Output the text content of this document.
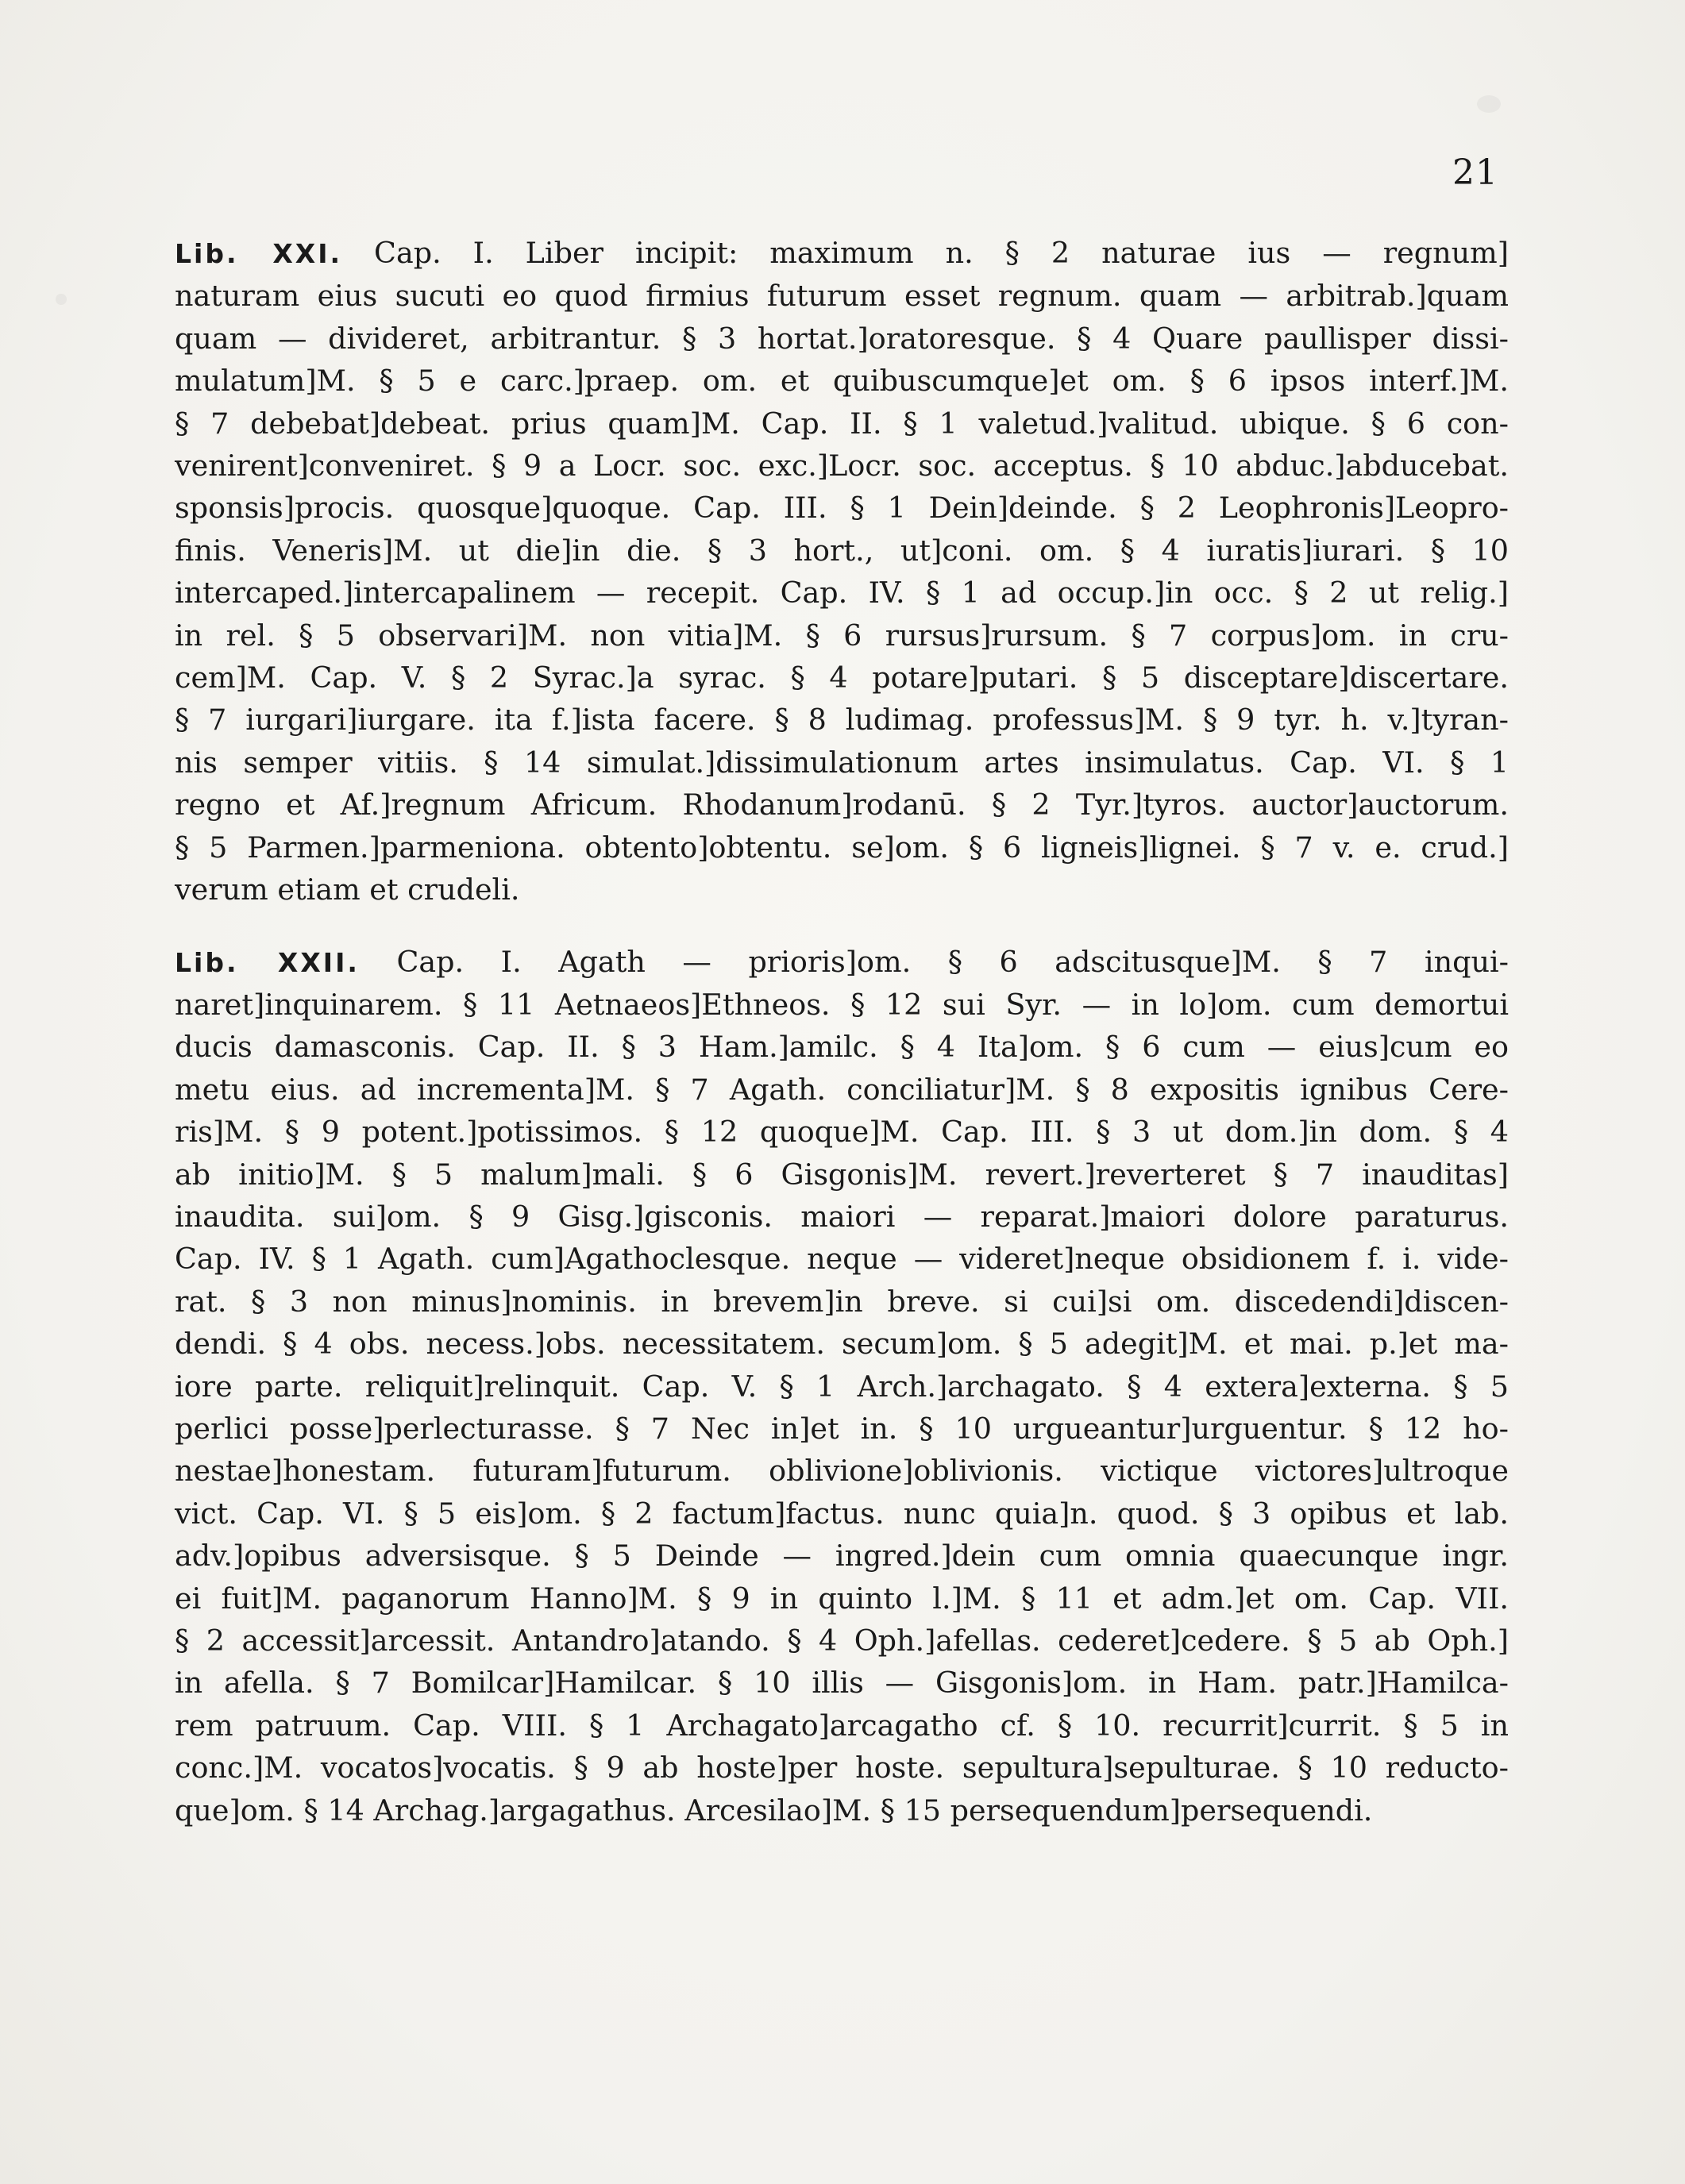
21

Lib. XXI. Cap. I. Liber incipit: maximum n. § 2 naturae ius — regnum]
naturam eius sucuti eo quod firmius futurum esset regnum. quam — arbitrab.]quam
quam — divideret, arbitrantur. § 3 hortat.]oratoresque. § 4 Quare paullisper dissi-
mulatum]M. § 5 e carc.]praep. om. et quibuscumque]et om. § 6 ipsos interf.]M.
§ 7 debebat]debeat. prius quam]M. Cap. II. § 1 valetud.]valitud. ubique. § 6 con-
venirent]conveniret. § 9 a Locr. soc. exc.]Locr. soc. acceptus. § 10 abduc.]abducebat.
sponsis]procis. quosque]quoque. Cap. III. § 1 Dein]deinde. § 2 Leophronis]Leopro-
finis. Veneris]M. ut die]in die. § 3 hort., ut]coni. om. § 4 iuratis]iurari. § 10
intercaped.]intercapalinem — recepit. Cap. IV. § 1 ad occup.]in occ. § 2 ut relig.]
in rel. § 5 observari]M. non vitia]M. § 6 rursus]rursum. § 7 corpus]om. in cru-
cem]M. Cap. V. § 2 Syrac.]a syrac. § 4 potare]putari. § 5 disceptare]discertare.
§ 7 iurgari]iurgare. ita f.]ista facere. § 8 ludimag. professus]M. § 9 tyr. h. v.]tyran-
nis semper vitiis. § 14 simulat.]dissimulationum artes insimulatus. Cap. VI. § 1
regno et Af.]regnum Africum. Rhodanum]rodanū. § 2 Tyr.]tyros. auctor]auctorum.
§ 5 Parmen.]parmeniona. obtento]obtentu. se]om. § 6 ligneis]lignei. § 7 v. e. crud.]
verum etiam et crudeli.

Lib. XXII. Cap. I. Agath — prioris]om. § 6 adscitusque]M. § 7 inqui-
naret]inquinarem. § 11 Aetnaeos]Ethneos. § 12 sui Syr. — in lo]om. cum demortui
ducis damasconis. Cap. II. § 3 Ham.]amilc. § 4 Ita]om. § 6 cum — eius]cum eo
metu eius. ad incrementa]M. § 7 Agath. conciliatur]M. § 8 expositis ignibus Cere-
ris]M. § 9 potent.]potissimos. § 12 quoque]M. Cap. III. § 3 ut dom.]in dom. § 4
ab initio]M. § 5 malum]mali. § 6 Gisgonis]M. revert.]reverteret § 7 inauditas]
inaudita. sui]om. § 9 Gisg.]gisconis. maiori — reparat.]maiori dolore paraturus.
Cap. IV. § 1 Agath. cum]Agathoclesque. neque — videret]neque obsidionem f. i. vide-
rat. § 3 non minus]nominis. in brevem]in breve. si cui]si om. discedendi]discen-
dendi. § 4 obs. necess.]obs. necessitatem. secum]om. § 5 adegit]M. et mai. p.]et ma-
iore parte. reliquit]relinquit. Cap. V. § 1 Arch.]archagato. § 4 extera]externa. § 5
perlici posse]perlecturasse. § 7 Nec in]et in. § 10 urgueantur]urguentur. § 12 ho-
nestae]honestam. futuram]futurum. oblivione]oblivionis. victique victores]ultroque
vict. Cap. VI. § 5 eis]om. § 2 factum]factus. nunc quia]n. quod. § 3 opibus et lab.
adv.]opibus adversisque. § 5 Deinde — ingred.]dein cum omnia quaecunque ingr.
ei fuit]M. paganorum Hanno]M. § 9 in quinto l.]M. § 11 et adm.]et om. Cap. VII.
§ 2 accessit]arcessit. Antandro]atando. § 4 Oph.]afellas. cederet]cedere. § 5 ab Oph.]
in afella. § 7 Bomilcar]Hamilcar. § 10 illis — Gisgonis]om. in Ham. patr.]Hamilca-
rem patruum. Cap. VIII. § 1 Archagato]arcagatho cf. § 10. recurrit]currit. § 5 in
conc.]M. vocatos]vocatis. § 9 ab hoste]per hoste. sepultura]sepulturae. § 10 reducto-
que]om. § 14 Archag.]argagathus. Arcesilao]M. § 15 persequendum]persequendi.
